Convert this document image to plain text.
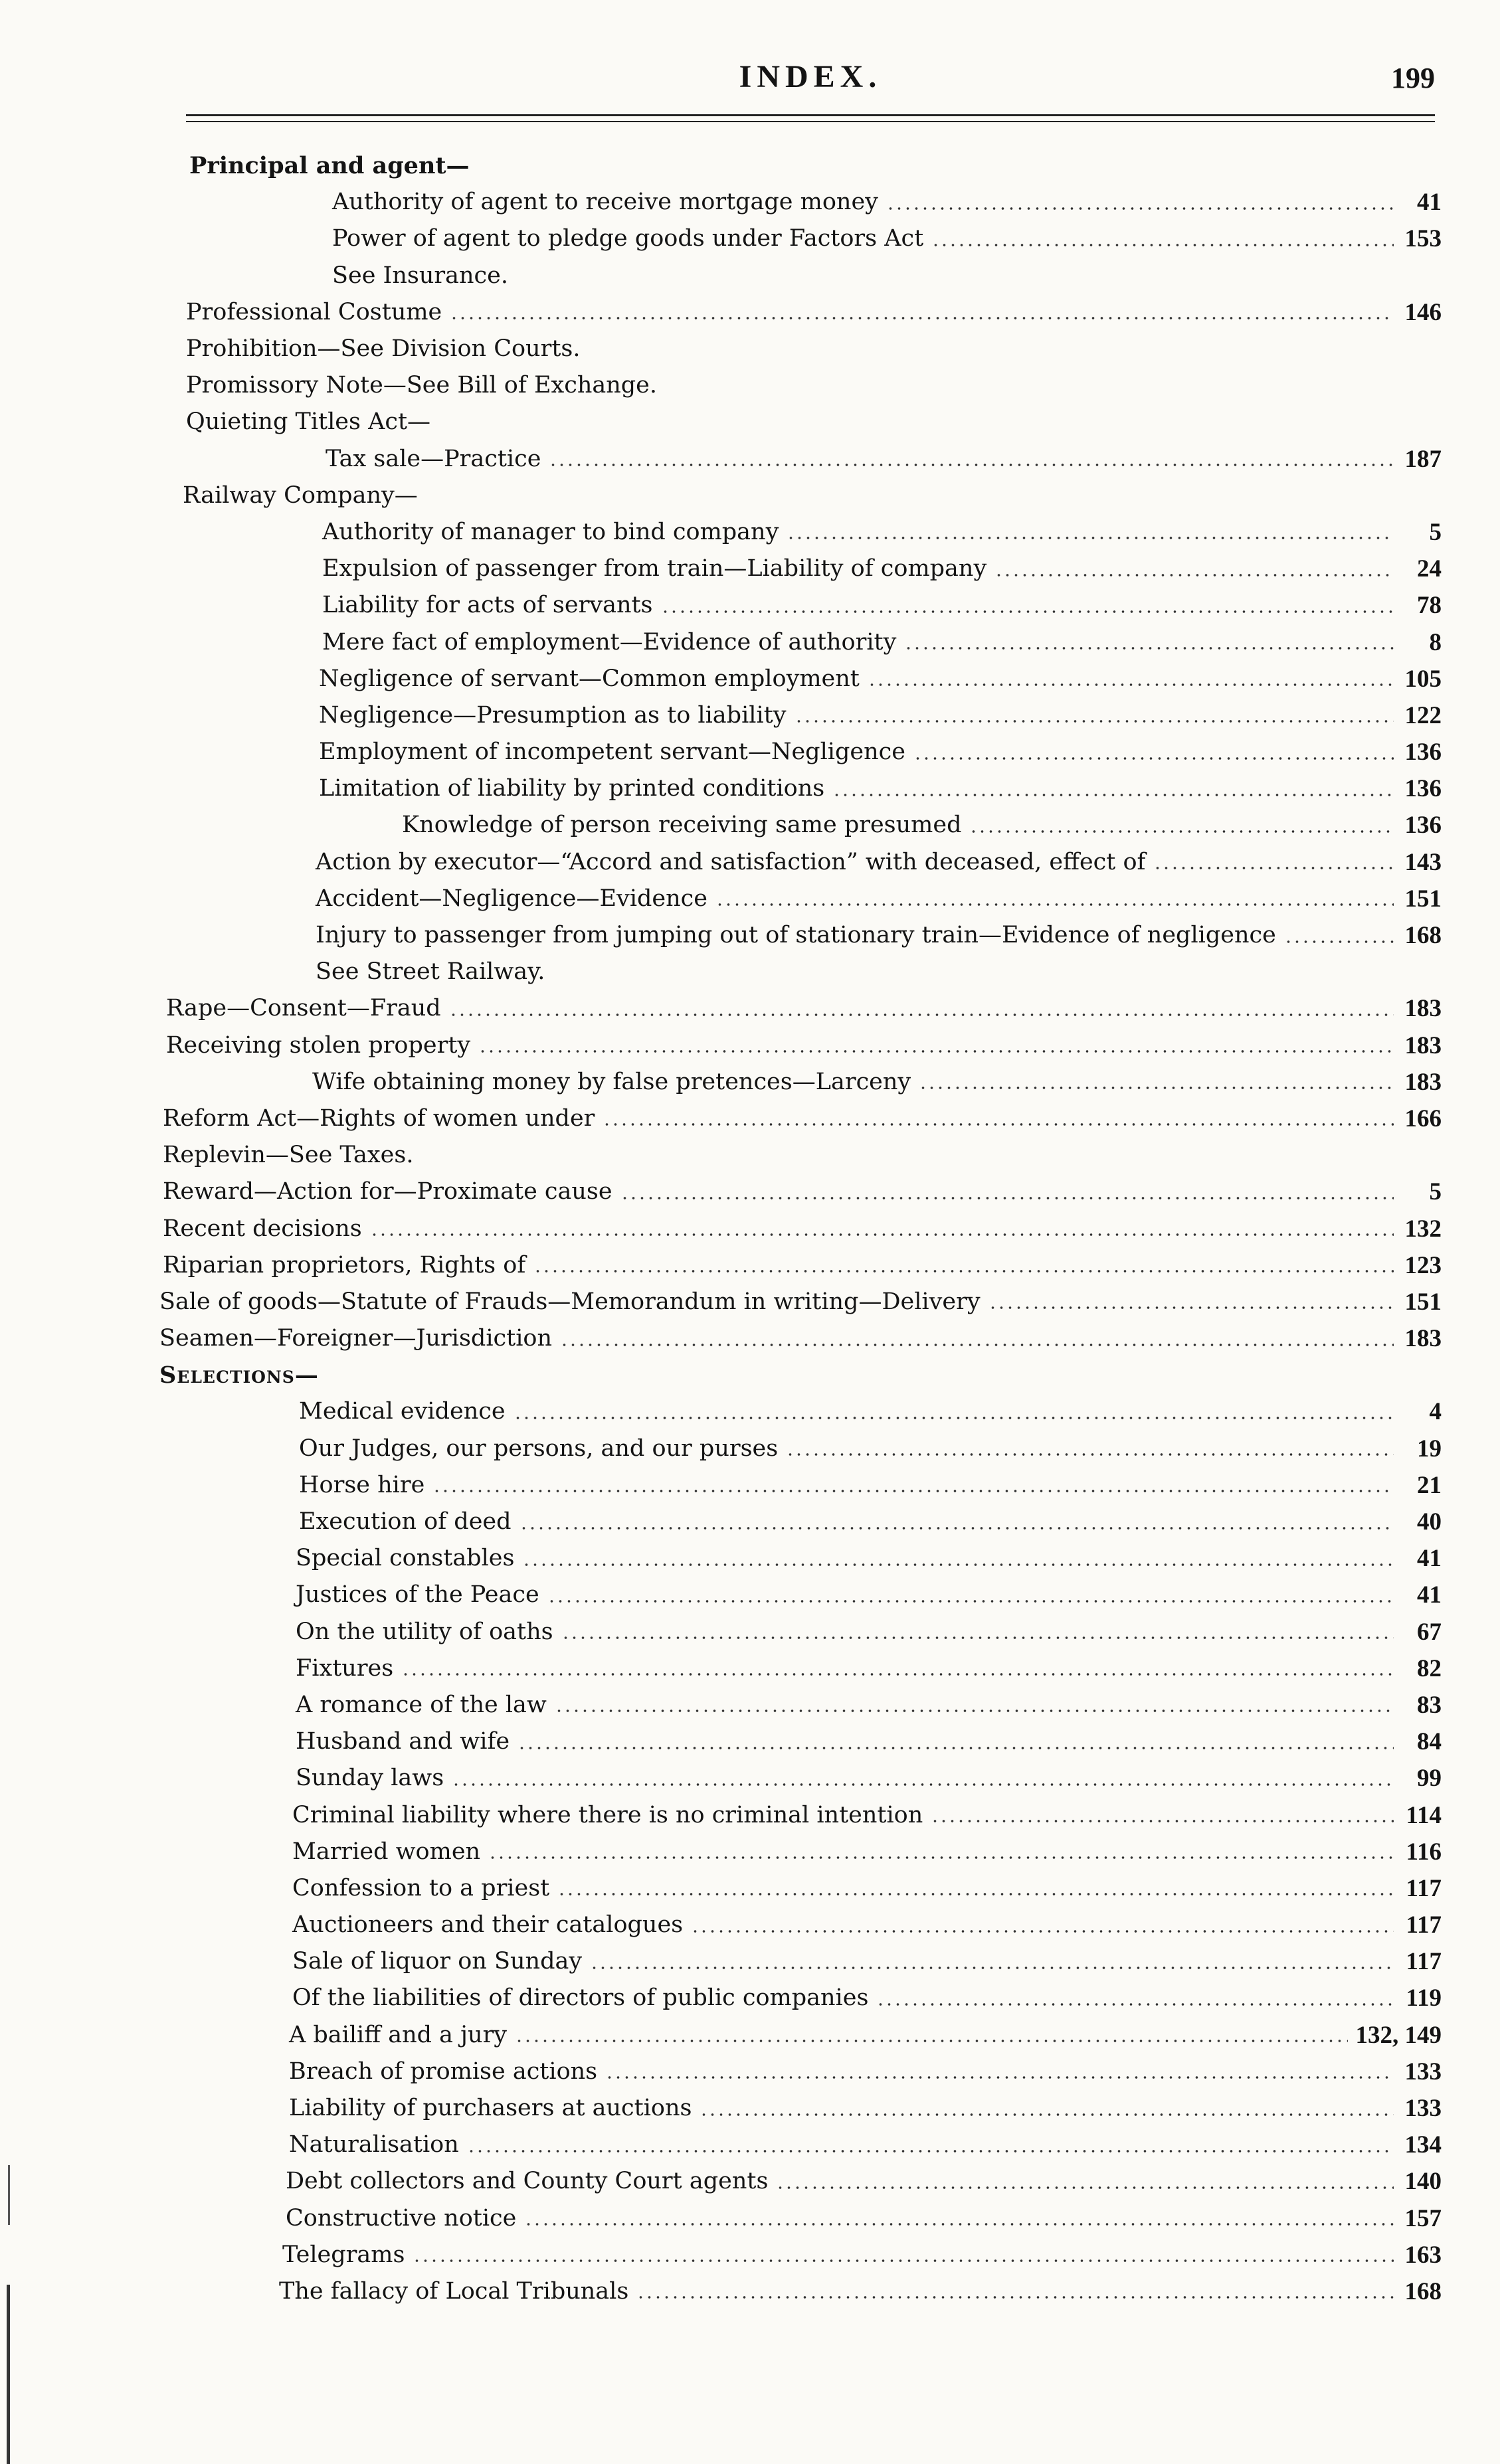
INDEX.	199
Principal and agent—
Authority of agent to receive mortgage money	41
Power of agent to pledge goods under Factors Act	153
See Insurance.
Professional Costume	146
Prohibition—See Division Courts.
Promissory Note—See Bill of Exchange.
Quieting Titles Act—
Tax sale—Practice	187
Railway Company—
Authority of manager to bind company	5
Expulsion of passenger from train—Liability of company	24
Liability for acts of servants	78
Mere fact of employment—Evidence of authority	8
Negligence of servant—Common employment	105
Negligence—Presumption as to liability	122
Employment of incompetent servant—Negligence	136
Limitation of liability by printed conditions	136
Knowledge of person receiving same presumed	136
Action by executor—“Accord and satisfaction” with deceased, effect of	143
Accident—Negligence—Evidence	151
Injury to passenger from jumping out of stationary train—Evidence of negligence	168
See Street Railway.
Rape—Consent—Fraud	183
Receiving stolen property	183
Wife obtaining money by false pretences—Larceny	183
Reform Act—Rights of women under	166
Replevin—See Taxes.
Reward—Action for—Proximate cause	5
Recent decisions	132
Riparian proprietors, Rights of	123
Sale of goods—Statute of Frauds—Memorandum in writing—Delivery	151
Seamen—Foreigner—Jurisdiction	183
Selections—
Medical evidence	4
Our Judges, our persons, and our purses	19
Horse hire	21
Execution of deed	40
Special constables	41
Justices of the Peace	41
On the utility of oaths	67
Fixtures	82
A romance of the law	83
Husband and wife	84
Sunday laws	99
Criminal liability where there is no criminal intention	114
Married women	116
Confession to a priest	117
Auctioneers and their catalogues	117
Sale of liquor on Sunday	117
Of the liabilities of directors of public companies	119
A bailiff and a jury	132, 149
Breach of promise actions	133
Liability of purchasers at auctions	133
Naturalisation	134
Debt collectors and County Court agents	140
Constructive notice	157
Telegrams	163
The fallacy of Local Tribunals	168
